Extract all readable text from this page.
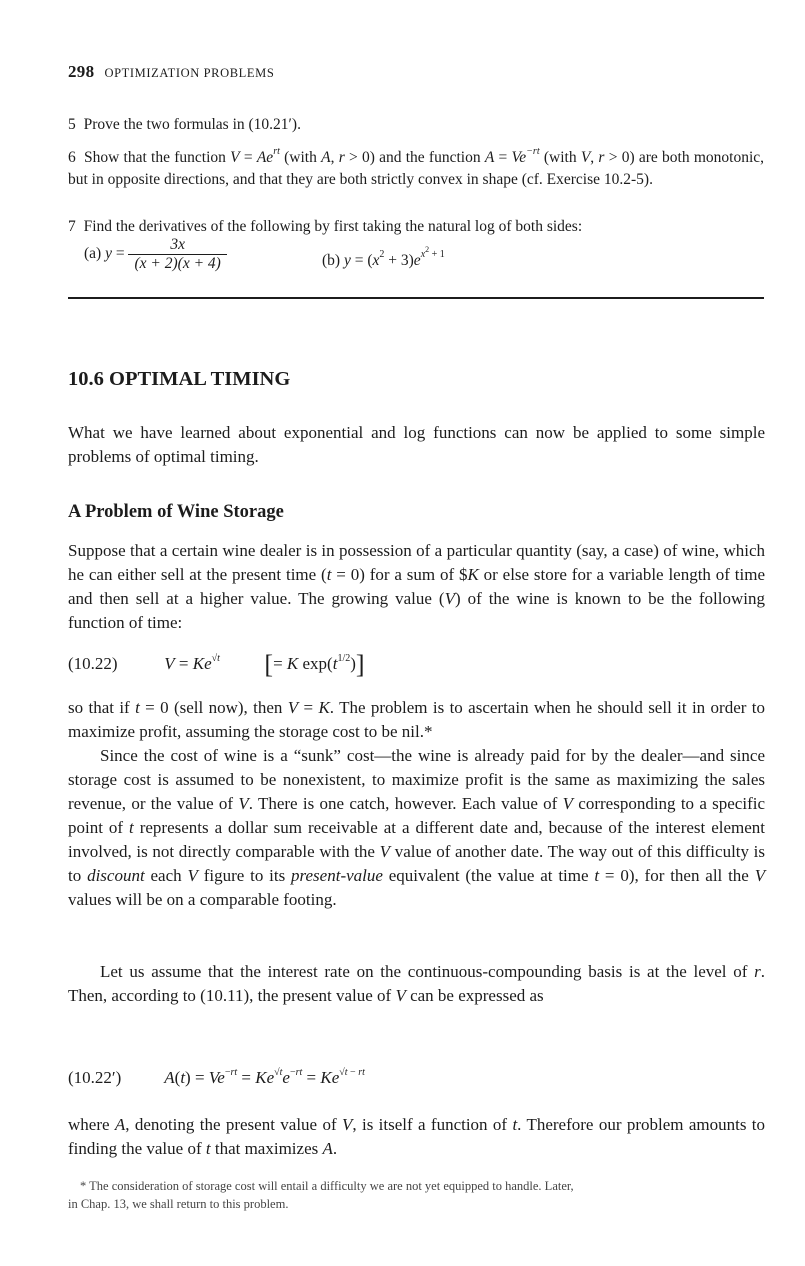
298 OPTIMIZATION PROBLEMS
5 Prove the two formulas in (10.21′).
6 Show that the function $V = Ae^{rt}$ (with A, r > 0) and the function $A = Ve^{-rt}$ (with V, r > 0) are both monotonic, but in opposite directions, and that they are both strictly convex in shape (cf. Exercise 10.2-5).
7 Find the derivatives of the following by first taking the natural log of both sides:
(a) $y = \frac{3x}{(x + 2)(x + 4)}$	(b) $y = (x^2 + 3)e^{x^2 + 1}$
10.6 OPTIMAL TIMING

What we have learned about exponential and log functions can now be applied to some simple problems of optimal timing.

A Problem of Wine Storage

Suppose that a certain wine dealer is in possession of a particular quantity (say, a case) of wine, which he can either sell at the present time (t = 0) for a sum of $K or else store for a variable length of time and then sell at a higher value. The growing value (V) of the wine is known to be the following function of time:

(10.22)	$V = Ke^{√t}$ [= K $\exp(t^{1/2})$]

so that if t = 0 (sell now), then V = K. The problem is to ascertain when he should sell it in order to maximize profit, assuming the storage cost to be nil.*

Since the cost of wine is a “sunk” cost—the wine is already paid for by the dealer—and since storage cost is assumed to be nonexistent, to maximize profit is the same as maximizing the sales revenue, or the value of V. There is one catch, however. Each value of V corresponding to a specific point of t represents a dollar sum receivable at a different date and, because of the interest element involved, is not directly comparable with the V value of another date. The way out of this difficulty is to discount each V figure to its present-value equivalent (the value at time t = 0), for then all the V values will be on a comparable footing.

Let us assume that the interest rate on the continuous-compounding basis is at the level of r. Then, according to (10.11), the present value of V can be expressed as

(10.22′)	$A(t) = Ve^{-rt} = Ke^{√t}e^{-rt} = Ke^{√t - rt}$

where A, denoting the present value of V, is itself a function of t. Therefore our problem amounts to finding the value of t that maximizes A.

* The consideration of storage cost will entail a difficulty we are not yet equipped to handle. Later,
in Chap. 13, we shall return to this problem.
